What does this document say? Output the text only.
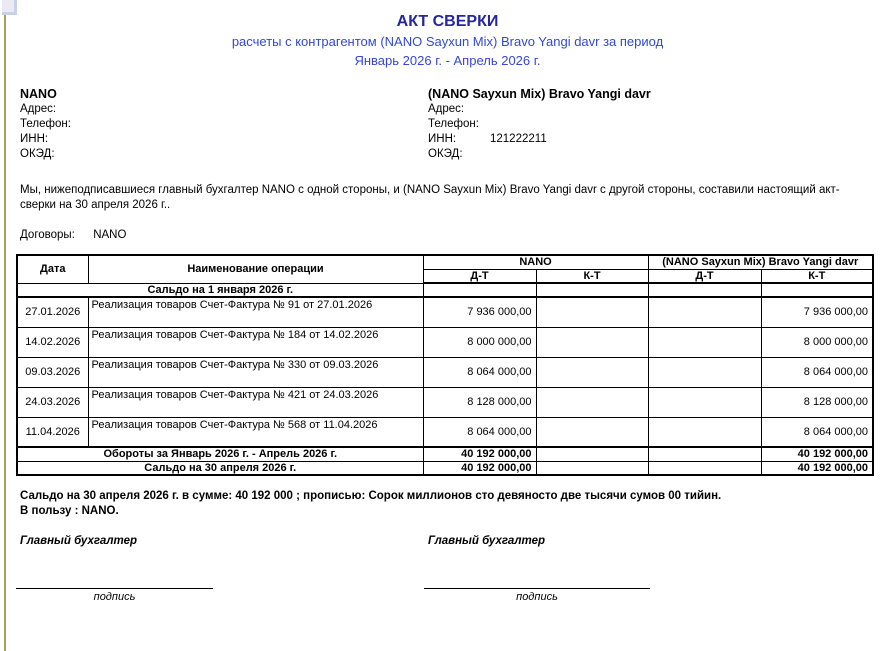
АКТ СВЕРКИ
расчеты с контрагентом (NANO Sayxun Mix) Bravo Yangi davr за период
Январь 2026 г. - Апрель 2026 г.
NANO
Адрес:
Телефон:
ИНН:
ОКЭД:
(NANO Sayxun Mix) Bravo Yangi davr
Адрес:
Телефон:
ИНН:	121222211
ОКЭД:

Мы, нижеподписавшиеся главный бухгалтер NANO с одной стороны, и (NANO Sayxun Mix) Bravo Yangi davr с другой стороны, составили настоящий акт-сверки на 30 апреля 2026 г..

Договоры: NANO
Дата	Наименование операции	NANO		(NANO Sayxun Mix) Bravo Yangi davr	
		Д-Т	К-Т	Д-Т	К-Т
Сальдо на 1 января 2026 г.					
27.01.2026	Реализация товаров Счет-Фактура № 91 от 27.01.2026	7 936 000,00			7 936 000,00
14.02.2026	Реализация товаров Счет-Фактура № 184 от 14.02.2026	8 000 000,00			8 000 000,00
09.03.2026	Реализация товаров Счет-Фактура № 330 от 09.03.2026	8 064 000,00			8 064 000,00
24.03.2026	Реализация товаров Счет-Фактура № 421 от 24.03.2026	8 128 000,00			8 128 000,00
11.04.2026	Реализация товаров Счет-Фактура № 568 от 11.04.2026	8 064 000,00			8 064 000,00
Обороты за Январь 2026 г. - Апрель 2026 г.		40 192 000,00			40 192 000,00
Сальдо на 30 апреля 2026 г.		40 192 000,00			40 192 000,00
Сальдо на 30 апреля 2026 г. в сумме: 40 192 000 ; прописью: Сорок миллионов сто девяносто две тысячи сумов 00 тийин.
В пользу : NANO.
Главный бухгалтер	Главный бухгалтер
подпись	подпись
